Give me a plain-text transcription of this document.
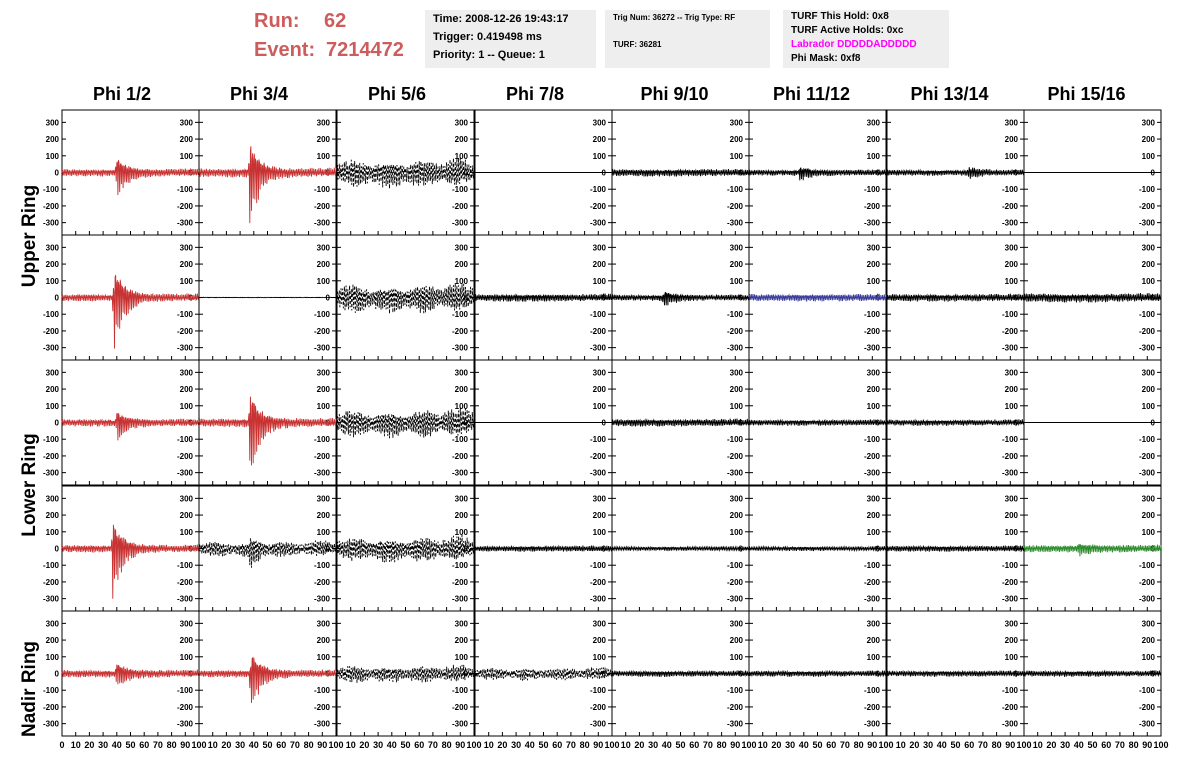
Run: 62
Event: 7214472
Time: 2008-12-26 19:43:17
Trigger: 0.419498 ms
Priority: 1 -- Queue: 1
Trig Num: 36272 -- Trig Type: RF
TURF: 36281
TURF This Hold: 0x8
TURF Active Holds: 0xc
Labrador DDDDDADDDDD
Phi Mask: 0xf8
Phi 1/2	Phi 3/4	Phi 5/6	Phi 7/8	Phi 9/10	Phi 11/12	Phi 13/14	Phi 15/16
Upper Ring
Lower Ring
Nadir Ring
-300	-300
-200	-200
-100	-100
0	0
100	100
200	200
300	300
-300
-200
-100
0
100
200
300
-300
-200
-100
0
100
200
300
-300
-200
-100
0
100
200
300
-300
-200
-100
0
100
200
300
-300
-200
-100
0
100
200
300
-300
-200
-100
0
100
200
300
-300
-200
-100
0
100
200
300
-300	-300
-200	-200
-100	-100
0	0
100	100
200	200
300	300
-300
-200
-100
0
100
200
300
-300
-200
-100
0
100
200
300
-300
-200
-100
0
100
200
300
-300
-200
-100
0
100
200
300
-300
-200
-100
0
100
200
300
-300
-200
-100
0
100
200
300
-300
-200
-100
0
100
200
300
-300	-300
-200	-200
-100	-100
0	0
100	100
200	200
300	300
-300
-200
-100
0
100
200
300
-300
-200
-100
0
100
200
300
-300
-200
-100
0
100
200
300
-300
-200
-100
0
100
200
300
-300
-200
-100
0
100
200
300
-300
-200
-100
0
100
200
300
-300
-200
-100
0
100
200
300
-300	-300
-200	-200
-100	-100
0	0
100	100
200	200
300	300
-300
-200
-100
0
100
200
300
-300
-200
-100
0
100
200
300
-300
-200
-100
0
100
200
300
-300
-200
-100
0
100
200
300
-300
-200
-100
0
100
200
300
-300
-200
-100
0
100
200
300
-300
-200
-100
0
100
200
300
-300	-300
-200	-200
-100	-100
0	0
100	100
200	200
300	300
-300
-200
-100
0
100
200
300
-300
-200
-100
0
100
200
300
-300
-200
-100
0
100
200
300
-300
-200
-100
0
100
200
300
-300
-200
-100
0
100
200
300
-300
-200
-100
0
100
200
300
-300
-200
-100
0
100
200
300
0 10 20 30 40 50 60 70 80 90 100 10 20 30 40 50 60 70 80 90 100 10 20 30 40 50 60 70 80 90 100 10 20 30 40 50 60 70 80 90 100 10 20 30 40 50 60 70 80 90 100 10 20 30 40 50 60 70 80 90 100 10 20 30 40 50 60 70 80 90 100 10 20 30 40 50 60 70 80 90 100
